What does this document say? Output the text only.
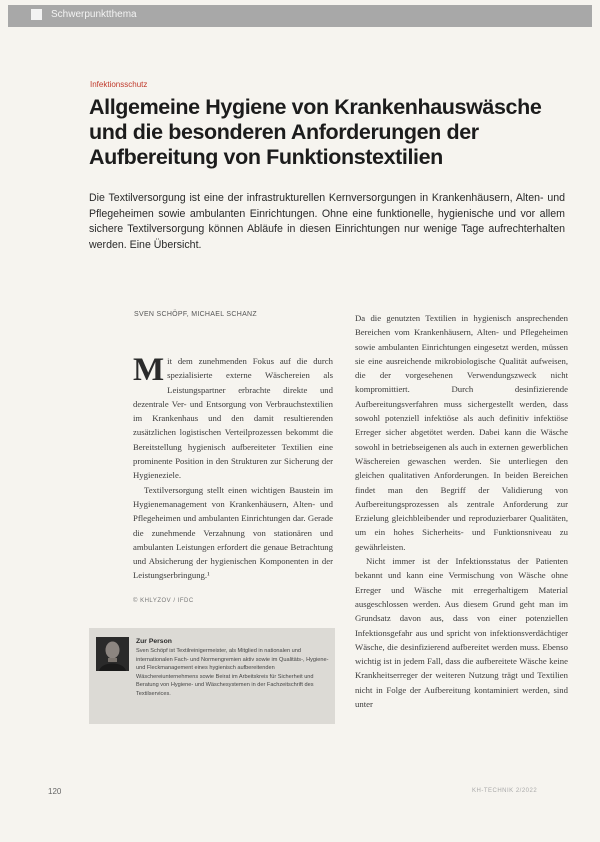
Schwerpunktthema
Infektionsschutz
Allgemeine Hygiene von Krankenhauswäsche und die besonderen Anforderungen der Aufbereitung von Funktionstextilien
Die Textilversorgung ist eine der infrastrukturellen Kernversorgungen in Krankenhäusern, Alten- und Pflegeheimen sowie ambulanten Einrichtungen. Ohne eine funktionelle, hygienische und vor allem sichere Textilversorgung können Abläufe in diesen Einrichtungen nur wenige Tage aufrechterhalten werden. Eine Übersicht.
SVEN SCHÖPF, MICHAEL SCHANZ

Mit dem zunehmenden Fokus auf die durch spezialisierte externe Wäschereien als Leistungspartner erbrachte direkte und dezentrale Ver- und Entsorgung von Verbrauchstextilien im Krankenhaus und den damit resultierenden zusätzlichen logistischen Verteilprozessen bekommt die Bereitstellung hygienisch aufbereiteter Textilien eine prominente Position in den Strukturen zur Sicherung der Hygieneziele.

Textilversorgung stellt einen wichtigen Baustein im Hygienemanagement von Krankenhäusern, Alten- und Pflegeheimen und ambulanten Einrichtungen dar. Gerade die zunehmende Verzahnung von stationären und ambulanten Leistungen erfordert die genaue Betrachtung und Absicherung der hygienischen Komponenten in der Leistungserbringung.¹

Da die genutzten Textilien in hygienisch ansprechenden Bereichen vom Krankenhäusern, Alten- und Pflegeheimen sowie ambulanten Einrichtungen eingesetzt werden, müssen sie eine ausreichende mikrobiologische Qualität aufweisen, die der vorgesehenen Verwendungszweck nicht kompromittiert. Durch desinfizierende Aufbereitungsverfahren muss sichergestellt werden, dass sowohl potenziell infektiöse als auch definitiv infektiöse Erreger sicher abgetötet werden. Dabei kann die Wäsche sowohl in betriebseigenen als auch in externen gewerblichen Wäschereien gewaschen werden. Sie unterliegen den gleichen qualitativen Anforderungen. In beiden Bereichen findet man den Begriff der Validierung von Aufbereitungsprozessen als zentrale Anforderung zur Erzielung gleichbleibender und reproduzierbarer Qualitäten, um ein hohes Sicherheits- und Funktionsniveau zu gewährleisten.

Nicht immer ist der Infektionsstatus der Patienten bekannt und kann eine Vermischung von Wäsche ohne Erreger und Wäsche mit erregerhaltigem Material ausgeschlossen werden. Aus diesem Grund geht man im Grundsatz davon aus, dass von einer potenziellen Infektionsgefahr aus und spricht von infektionsverdächtiger Wäsche, die desinfizierend aufbereitet werden muss. Ebenso wichtig ist in jedem Fall, dass die aufbereitete Wäsche keine Krankheitserreger der weiteren Nutzung trägt und Textilien nicht in Folge der Aufbereitung kontaminiert werden, sind unter

© KHLYZOV / IFDC
Zur Person
Sven Schöpf ist Textilreinigermeister, als Mitglied in nationalen und internationalen Fach- und Normengremien aktiv sowie im Qualitäts-, Hygiene- und Fleckmanagement eines hygienisch aufbereitenden Wäschereiunternehmens sowie Beirat im Arbeitskreis für Sicherheit und Beratung von Hygiene- und Wäschesystemen in der Fachzeitschrift des Textilservices.
120	KH-TECHNIK 2/2022
